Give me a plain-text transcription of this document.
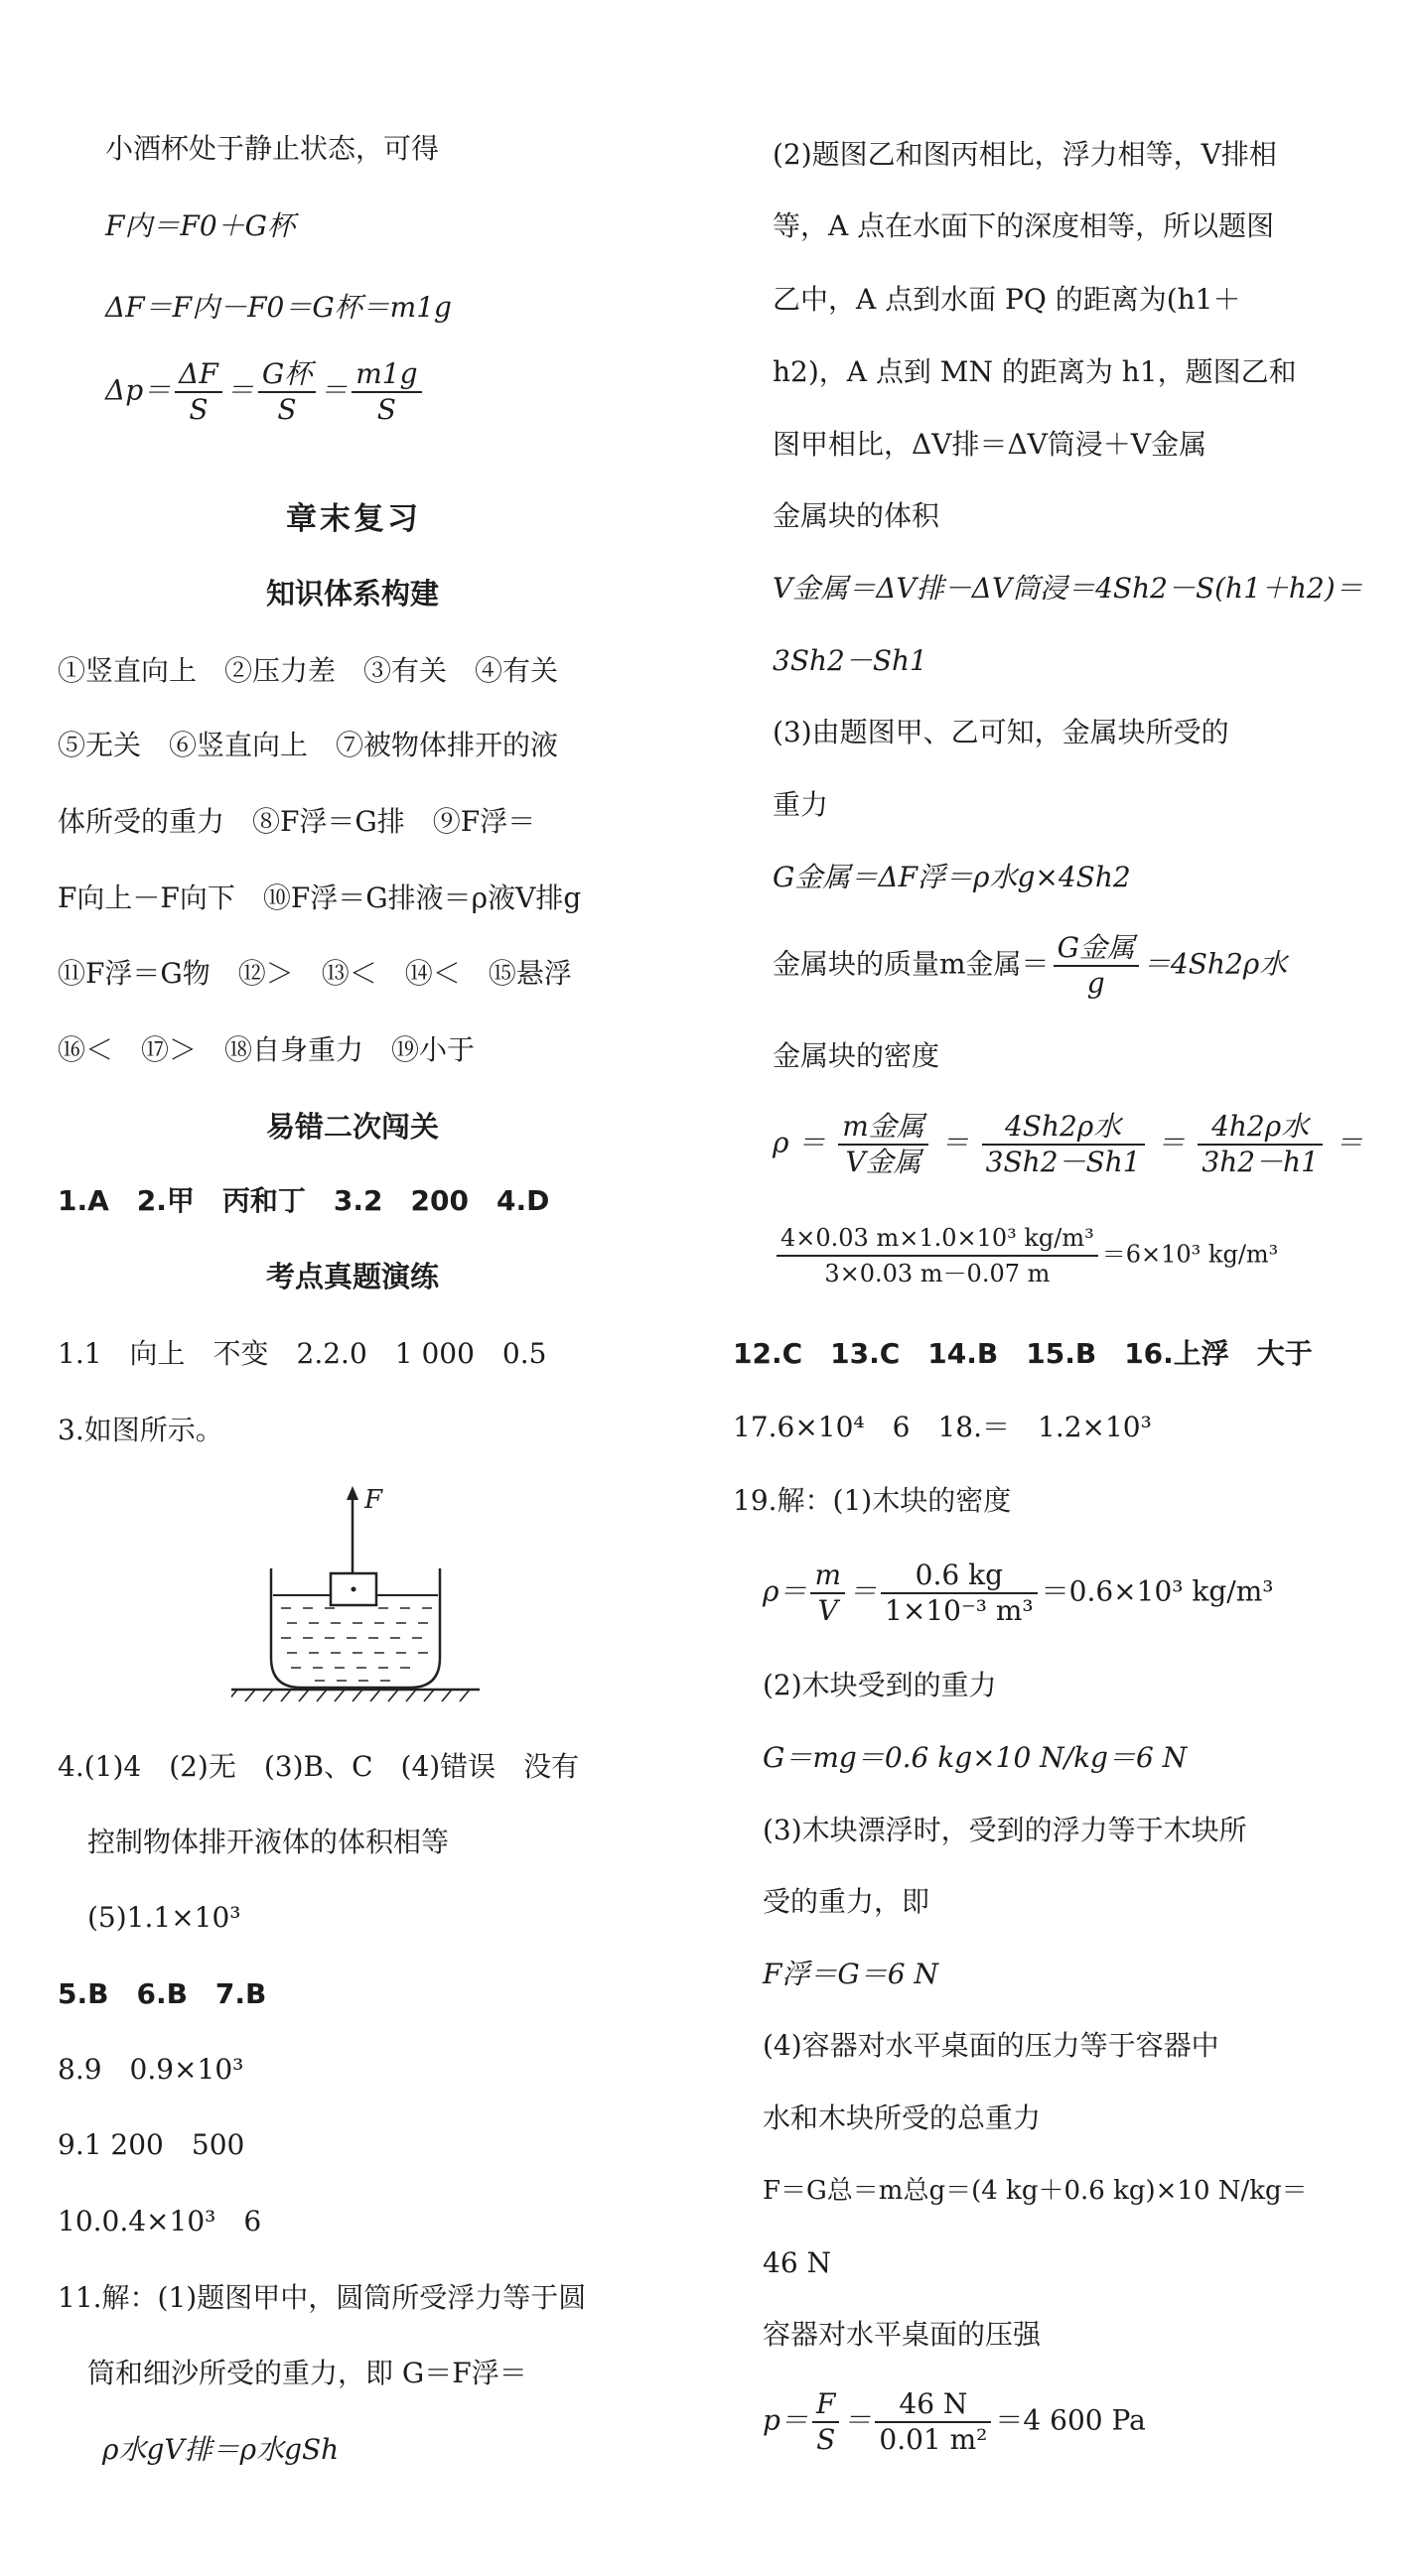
小酒杯处于静止状态，可得
F内＝F0＋G杯
ΔF＝F内－F0＝G杯＝m1g
$\Delta p= \frac{\Delta F}{S} = G$杯
S
＝ $\frac{m1g}{S}$
章末复习
知识体系构建
①竖直向上　②压力差　③有关　④有关
⑤无关　⑥竖直向上　⑦被物体排开的液
体所受的重力　⑧F浮＝G排　⑨F浮＝
F向上－F向下　⑩F浮＝G排液＝ρ液V排g
⑪F浮＝G物　⑫＞　⑬＜　⑭＜　⑮悬浮
⑯＜　⑰＞　⑱自身重力　⑲小于
易错二次闯关
1.A　2.甲　丙和丁　3.2　200　4.D
考点真题演练
1.1　向上　不变　2.2.0　1 000　0.5
3.如图所示。
F
4.(1)4　(2)无　(3)B、C　(4)错误　没有
控制物体排开液体的体积相等
(5)1.1×10³
5.B　6.B　7.B
8.9　0.9×10³
9.1 200　500
10.0.4×10³　6
11.解：(1)题图甲中，圆筒所受浮力等于圆
筒和细沙所受的重力，即 G＝F浮＝
ρ水gV排＝ρ水gSh
(2)题图乙和图丙相比，浮力相等，V排相
等，A 点在水面下的深度相等，所以题图
乙中，A 点到水面 PQ 的距离为(h1＋
h2)，A 点到 MN 的距离为 h1，题图乙和
图甲相比，ΔV排＝ΔV筒浸＋V金属
金属块的体积
V金属＝ΔV排－ΔV筒浸＝4Sh2－S(h1＋h2)＝
3Sh2－Sh1
(3)由题图甲、乙可知，金属块所受的
重力
G金属＝ΔF浮＝ρ水g×4Sh2
金属块的质量m金属＝ G金属
g
＝4Sh2ρ水
金属块的密度
ρ ＝ m金属
V金属
＝	4Sh2ρ水
3Sh2－Sh1
＝ 4h2ρ水
3h2－h1
＝
$\frac{\text{4×0.03 m×1.0×10³ kg/m³}}{3\times 0.03 m-0.07 m} =6\times 10^3$ kg/m³
12.C　13.C　14.B　15.B　16.上浮　大于
17.6×10⁴　6　18.＝　1.2×10³
19.解：(1)木块的密度
$\rho= \frac{m}{V} = \frac{0.6 kg}{\text{1×10⁻³ m³}} =0.6\times 10^3$ kg/m³
(2)木块受到的重力
G＝mg＝0.6 kg×10 N/kg＝6 N
(3)木块漂浮时，受到的浮力等于木块所
受的重力，即
F浮＝G＝6 N
(4)容器对水平桌面的压力等于容器中
水和木块所受的总重力
F＝G总＝m总g＝(4 kg＋0.6 kg)×10 N/kg＝
46 N
容器对水平桌面的压强
$p= \frac{F}{S} = \frac{46 N}{\text{0.01 m²}} =4$ 600 Pa
